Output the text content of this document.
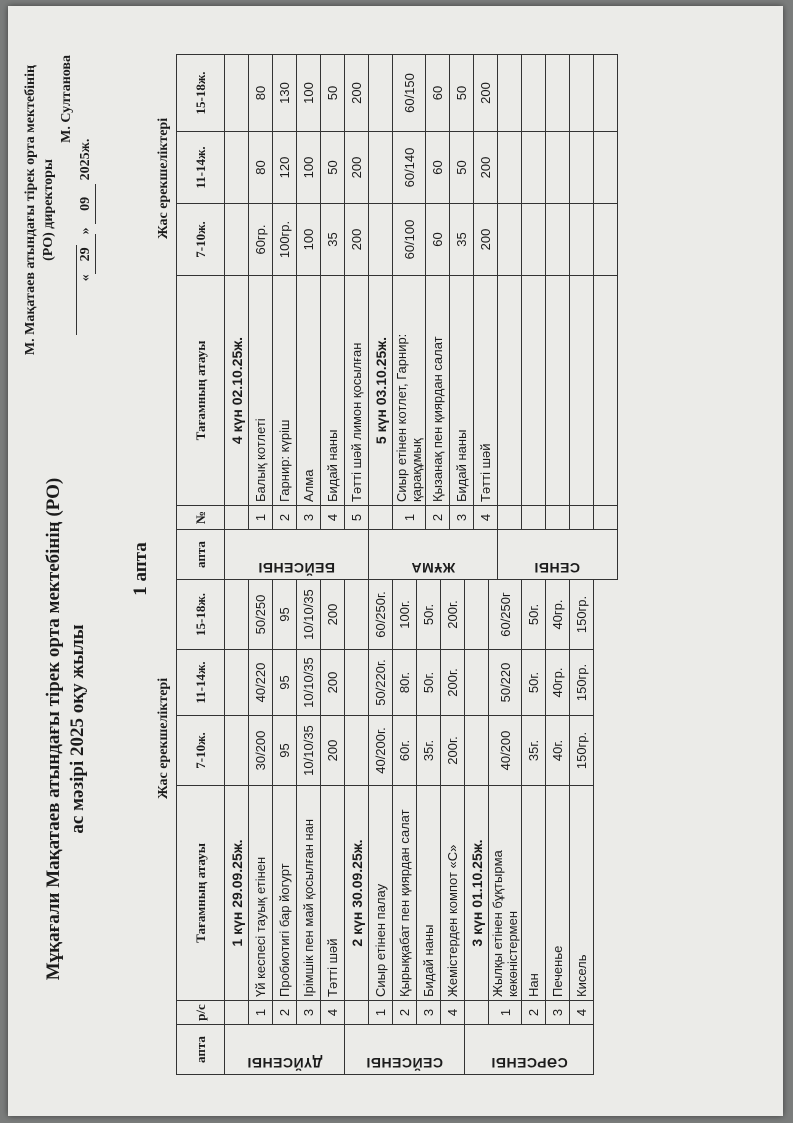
М. Мақатаев атындағы тірек орта мектебінің (РО) директоры
М. Султанова
«29» 09 2025ж.
Мұқағали Мақатаев атындағы тірек орта мектебінің (РО) ас мәзірі 2025 оқу жылы
1 апта
Жас ерекшеліктері
Жас ерекшеліктері
апта	р/с	Тағамның атауы	7-10ж.	11-14ж.	15-18ж.

ДҮЙСЕНБІ		1 күн 29.09.25ж.			
	1	Үй кеспесі тауық етінен	30/200	40/220	50/250
	2	Пробиотигі бар йогурт	95	95	95
	3	Ірімшік пен май қосылған нан	10/10/35	10/10/35	10/10/35
	4	Тәтті шәй	200	200	200

СЕЙСЕНБІ		2 күн 30.09.25ж.			
	1	Сиыр етінен палау	40/200г.	50/220г.	60/250г.
	2	Қырыққабат пен қиярдан салат	60г.	80г.	100г.
	3	Бидай наны	35г.	50г.	50г.
	4	Жемістерден компот «С»	200г.	200г.	200г.

СӘРСЕНБІ		3 күн 01.10.25ж.			
	1	Жылқы етінен бұқтырма көкөністермен	40/200	50/220	60/250г
	2	Нан	35г.	50г.	50г.
	3	Печенье	40г.	40гр.	40гр.
	4	Кисель	150гр.	150гр.	150гр.
апта	№	Тағамның атауы	7-10ж.	11-14ж.	15-18ж.

БЕЙСЕНБІ		4 күн 02.10.25ж.			
	1	Балық котлеті	60гр.	80	80
	2	Гарнир: күріш	100гр.	120	130
	3	Алма	100	100	100
	4	Бидай наны	35	50	50
	5	Тәтті шәй лимон қосылған	200	200	200

ЖҰМА		5 күн 03.10.25ж.			
	1	Сиыр етінен котлет, Гарнир: қарақұмық	60/100	60/140	60/150
	2	Қызанақ пен қиярдан салат	60	60	60
	3	Бидай наны	35	50	50
	4	Тәтті шәй	200	200	200

СЕНБІ					
